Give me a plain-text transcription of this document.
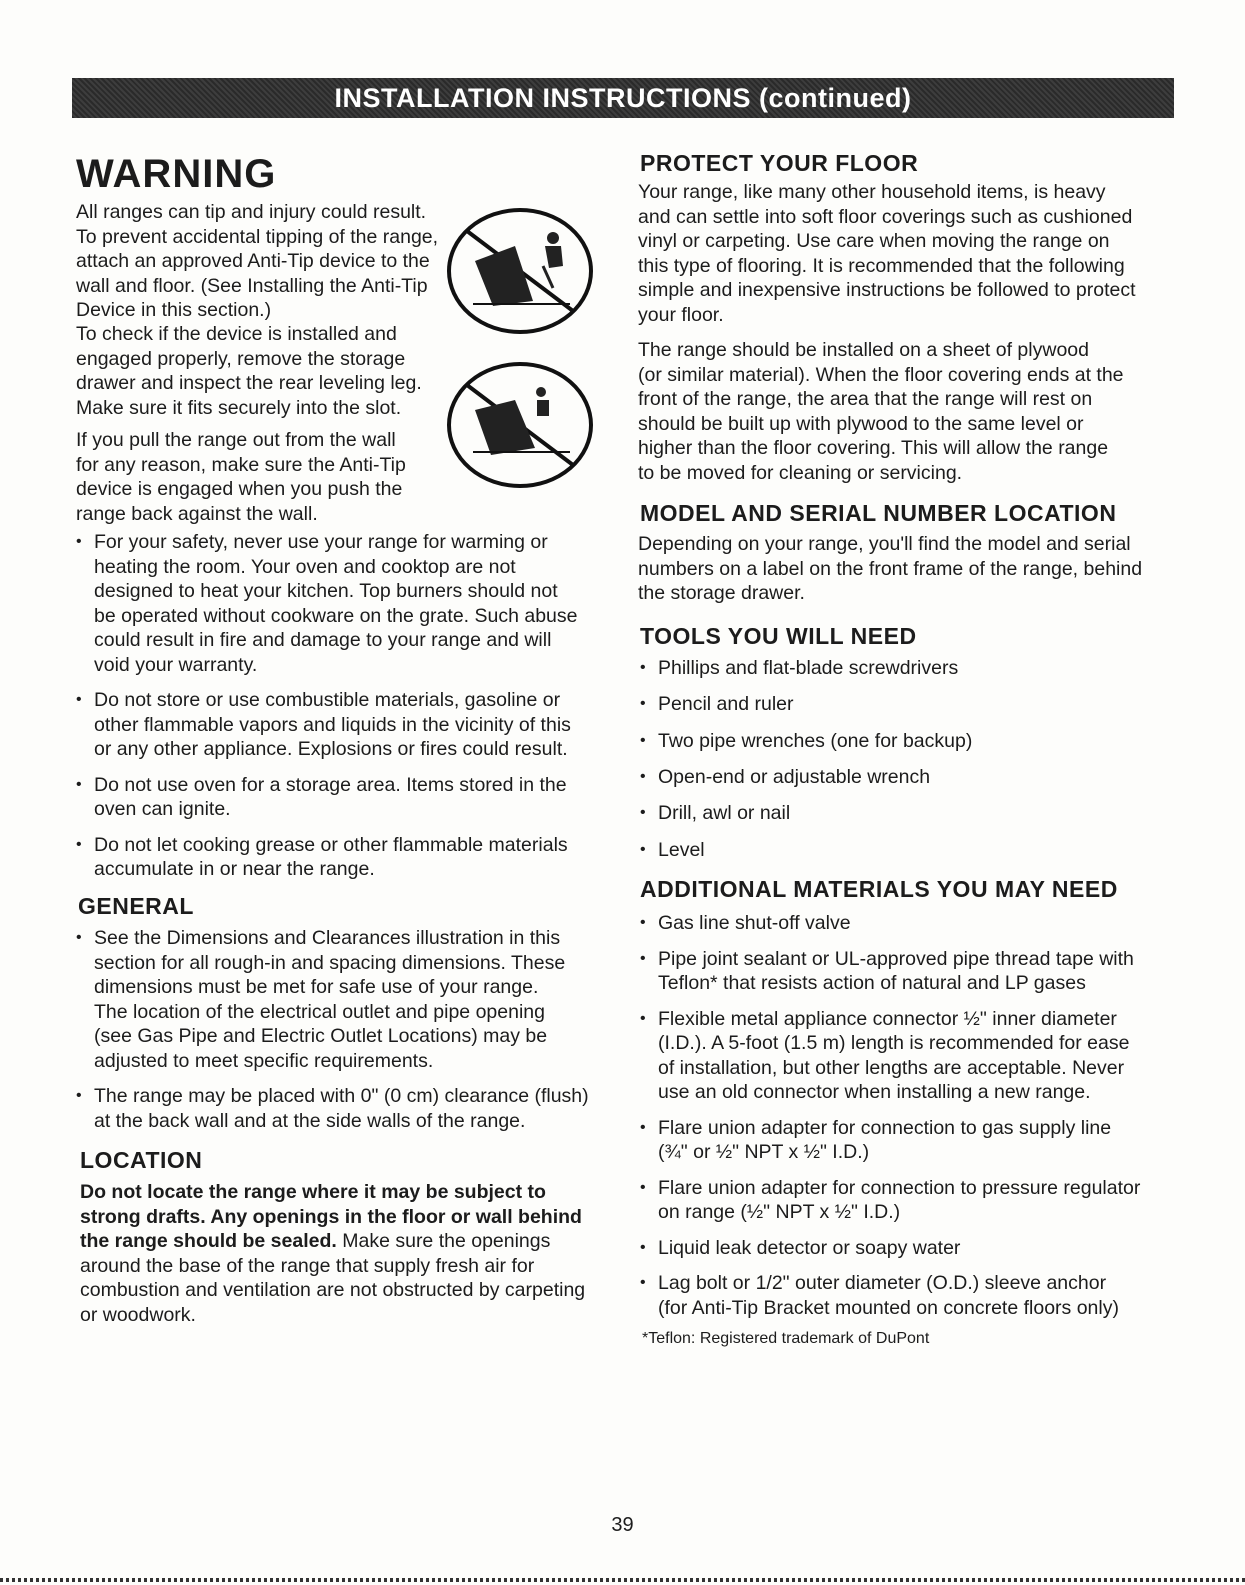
INSTALLATION INSTRUCTIONS (continued)
WARNING
All ranges can tip and injury could result.
To prevent accidental tipping of the range,
attach an approved Anti-Tip device to the
wall and floor. (See Installing the Anti-Tip
Device in this section.)
To check if the device is installed and
engaged properly, remove the storage
drawer and inspect the rear leveling leg.
Make sure it fits securely into the slot.
If you pull the range out from the wall
for any reason, make sure the Anti-Tip
device is engaged when you push the
range back against the wall.
• For your safety, never use your range for warming or
heating the room. Your oven and cooktop are not
designed to heat your kitchen. Top burners should not
be operated without cookware on the grate. Such abuse
could result in fire and damage to your range and will
void your warranty.
• Do not store or use combustible materials, gasoline or
other flammable vapors and liquids in the vicinity of this
or any other appliance. Explosions or fires could result.
• Do not use oven for a storage area. Items stored in the
oven can ignite.
• Do not let cooking grease or other flammable materials
accumulate in or near the range.
GENERAL
• See the Dimensions and Clearances illustration in this
section for all rough-in and spacing dimensions. These
dimensions must be met for safe use of your range.
The location of the electrical outlet and pipe opening
(see Gas Pipe and Electric Outlet Locations) may be
adjusted to meet specific requirements.
• The range may be placed with 0" (0 cm) clearance (flush)
at the back wall and at the side walls of the range.
LOCATION
Do not locate the range where it may be subject to
strong drafts. Any openings in the floor or wall behind
the range should be sealed. Make sure the openings
around the base of the range that supply fresh air for
combustion and ventilation are not obstructed by carpeting
or woodwork.
PROTECT YOUR FLOOR
Your range, like many other household items, is heavy
and can settle into soft floor coverings such as cushioned
vinyl or carpeting. Use care when moving the range on
this type of flooring. It is recommended that the following
simple and inexpensive instructions be followed to protect
your floor.
The range should be installed on a sheet of plywood
(or similar material). When the floor covering ends at the
front of the range, the area that the range will rest on
should be built up with plywood to the same level or
higher than the floor covering. This will allow the range
to be moved for cleaning or servicing.
MODEL AND SERIAL NUMBER LOCATION
Depending on your range, you'll find the model and serial
numbers on a label on the front frame of the range, behind
the storage drawer.
TOOLS YOU WILL NEED
• Phillips and flat-blade screwdrivers
• Pencil and ruler
• Two pipe wrenches (one for backup)
• Open-end or adjustable wrench
• Drill, awl or nail
• Level
ADDITIONAL MATERIALS YOU MAY NEED
• Gas line shut-off valve
• Pipe joint sealant or UL-approved pipe thread tape with
Teflon* that resists action of natural and LP gases
• Flexible metal appliance connector ½" inner diameter
(I.D.). A 5-foot (1.5 m) length is recommended for ease
of installation, but other lengths are acceptable. Never
use an old connector when installing a new range.
• Flare union adapter for connection to gas supply line
(¾" or ½" NPT x ½" I.D.)
• Flare union adapter for connection to pressure regulator
on range (½" NPT x ½" I.D.)
• Liquid leak detector or soapy water
• Lag bolt or 1/2" outer diameter (O.D.) sleeve anchor
(for Anti-Tip Bracket mounted on concrete floors only)
*Teflon: Registered trademark of DuPont
39
